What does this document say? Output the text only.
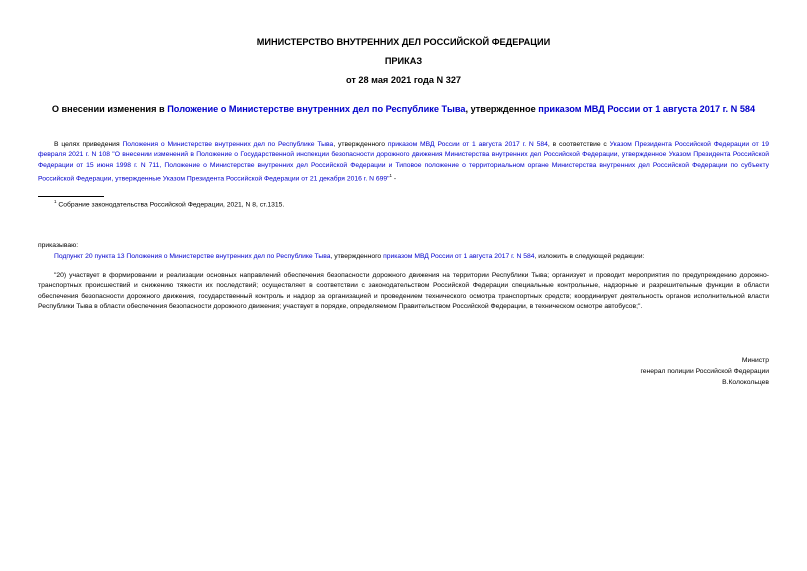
МИНИСТЕРСТВО ВНУТРЕННИХ ДЕЛ РОССИЙСКОЙ ФЕДЕРАЦИИ
ПРИКАЗ
от 28 мая 2021 года N 327
О внесении изменения в Положение о Министерстве внутренних дел по Республике Тыва, утвержденное приказом МВД России от 1 августа 2017 г. N 584
В целях приведения Положения о Министерстве внутренних дел по Республике Тыва, утвержденного приказом МВД России от 1 августа 2017 г. N 584, в соответствие с Указом Президента Российской Федерации от 19 февраля 2021 г. N 108 "О внесении изменений в Положение о Государственной инспекции безопасности дорожного движения Министерства внутренних дел Российской Федерации, утвержденное Указом Президента Российской Федерации от 15 июня 1998 г. N 711, Положение о Министерстве внутренних дел Российской Федерации и Типовое положение о территориальном органе Министерства внутренних дел Российской Федерации по субъекту Российской Федерации, утвержденные Указом Президента Российской Федерации от 21 декабря 2016 г. N 699"$^1$ -
$^1$ Собрание законодательства Российской Федерации, 2021, N 8, ст.1315.
приказываю:
Подпункт 20 пункта 13 Положения о Министерстве внутренних дел по Республике Тыва, утвержденного приказом МВД России от 1 августа 2017 г. N 584, изложить в следующей редакции:
"20) участвует в формировании и реализации основных направлений обеспечения безопасности дорожного движения на территории Республики Тыва; организует и проводит мероприятия по предупреждению дорожно-транспортных происшествий и снижению тяжести их последствий; осуществляет в соответствии с законодательством Российской Федерации специальные контрольные, надзорные и разрешительные функции в области обеспечения безопасности дорожного движения, государственный контроль и надзор за организацией и проведением технического осмотра транспортных средств; координирует деятельность органов исполнительной власти Республики Тыва в области обеспечения безопасности дорожного движения; участвует в порядке, определяемом Правительством Российской Федерации, в техническом осмотре автобусов;".
Министр
генерал полиции Российской Федерации
В.Колокольцев
